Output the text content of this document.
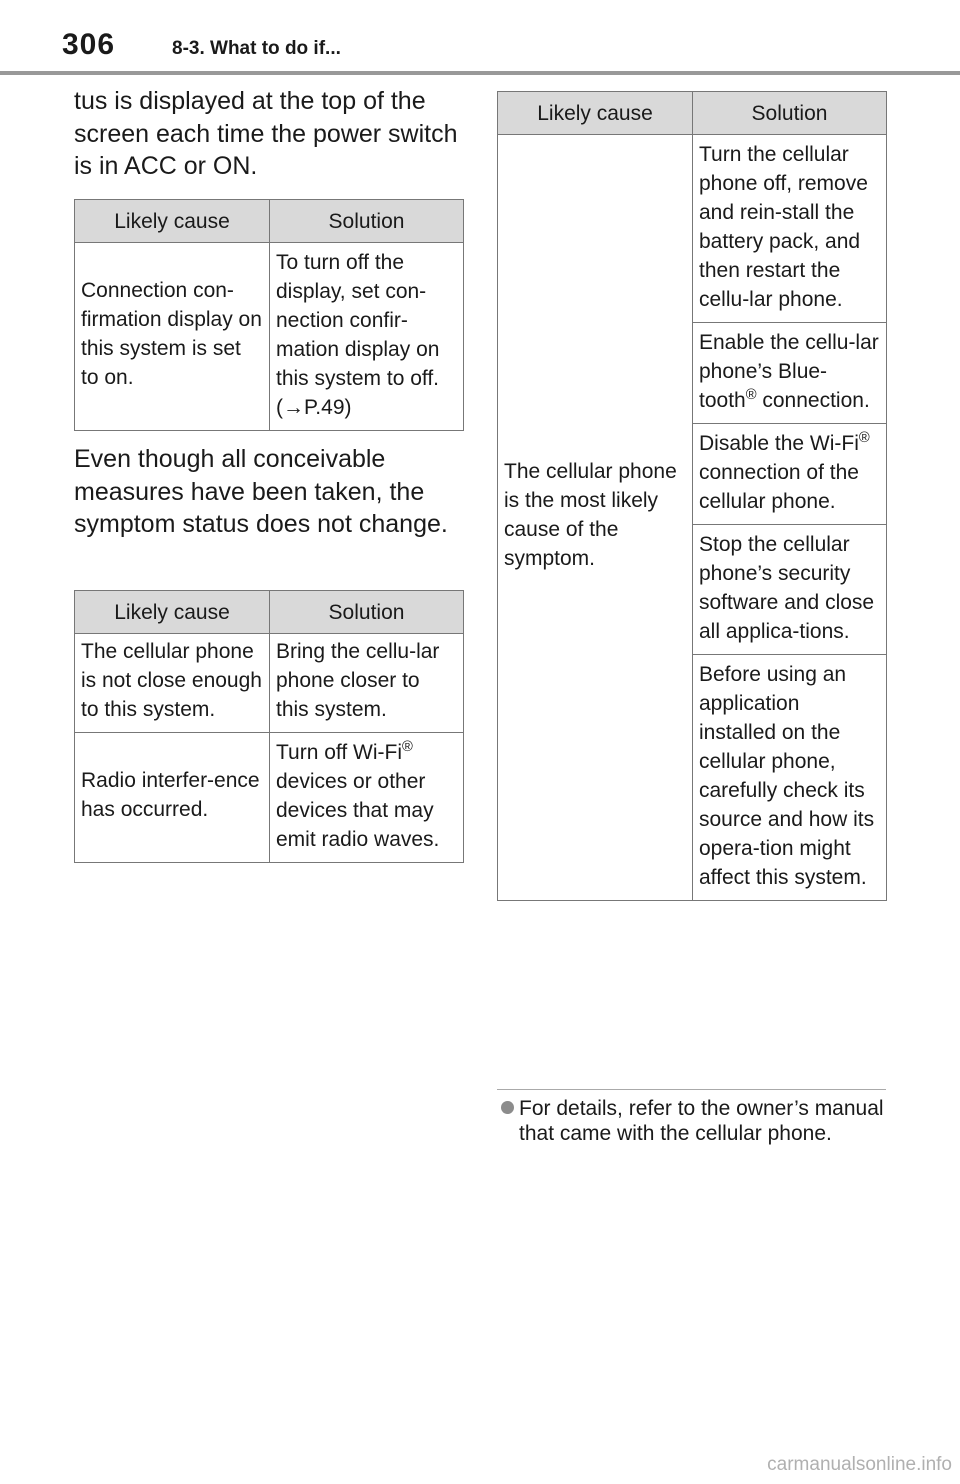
306	8-3. What to do if...

tus is displayed at the top of the screen each time the power switch is in ACC or ON.

Likely cause	Solution
Connection con-firmation display on this system is set to on.	To turn off the display, set con-nection confir-mation display on this system to off. (→P.49)

Even though all conceivable measures have been taken, the symptom status does not change.

Likely cause	Solution
The cellular phone is not close enough to this system.	Bring the cellu-lar phone closer to this system.
Radio interfer-ence has occurred.	Turn off Wi-Fi® devices or other devices that may emit radio waves.
Likely cause	Solution
The cellular phone is the most likely cause of the symptom.	Turn the cellular phone off, remove and rein-stall the battery pack, and then restart the cellu-lar phone.
	Enable the cellu-lar phone’s Blue-tooth® connection.
	Disable the Wi-Fi® connection of the cellular phone.
	Stop the cellular phone’s security software and close all applica-tions.
	Before using an application installed on the cellular phone, carefully check its source and how its opera-tion might affect this system.
For details, refer to the owner’s manual that came with the cellular phone.
carmanualsonline.info
